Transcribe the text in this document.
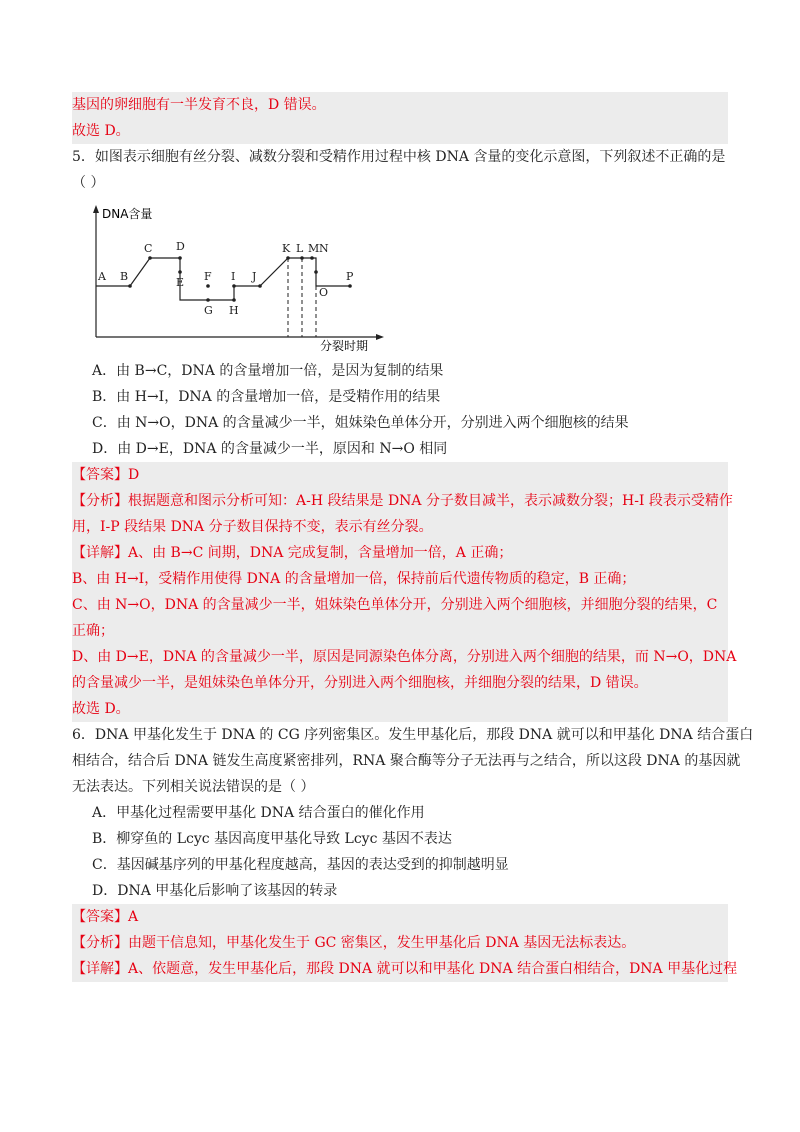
基因的卵细胞有一半发育不良，D 错误。
故选 D。
5．如图表示细胞有丝分裂、减数分裂和受精作用过程中核 DNA 含量的变化示意图，下列叙述不正确的是
（ ）
DNA含量
分裂时期
A B
C D
E F
G H
I J
K L M N
O
P
A．由 B→C，DNA 的含量增加一倍，是因为复制的结果
B．由 H→I，DNA 的含量增加一倍，是受精作用的结果
C．由 N→O，DNA 的含量减少一半，姐妹染色单体分开，分别进入两个细胞核的结果
D．由 D→E，DNA 的含量减少一半，原因和 N→O 相同
【答案】D
【分析】根据题意和图示分析可知：A-H 段结果是 DNA 分子数目减半，表示减数分裂；H-I 段表示受精作
用，I-P 段结果 DNA 分子数目保持不变，表示有丝分裂。
【详解】A、由 B→C 间期，DNA 完成复制，含量增加一倍，A 正确；
B、由 H→I，受精作用使得 DNA 的含量增加一倍，保持前后代遗传物质的稳定，B 正确；
C、由 N→O，DNA 的含量减少一半，姐妹染色单体分开，分别进入两个细胞核，并细胞分裂的结果，C
正确；
D、由 D→E，DNA 的含量减少一半，原因是同源染色体分离，分别进入两个细胞的结果，而 N→O，DNA
的含量减少一半，是姐妹染色单体分开，分别进入两个细胞核，并细胞分裂的结果，D 错误。
故选 D。
6．DNA 甲基化发生于 DNA 的 CG 序列密集区。发生甲基化后，那段 DNA 就可以和甲基化 DNA 结合蛋白
相结合，结合后 DNA 链发生高度紧密排列，RNA 聚合酶等分子无法再与之结合，所以这段 DNA 的基因就
无法表达。下列相关说法错误的是（ ）
A．甲基化过程需要甲基化 DNA 结合蛋白的催化作用
B．柳穿鱼的 Lcyc 基因高度甲基化导致 Lcyc 基因不表达
C．基因碱基序列的甲基化程度越高，基因的表达受到的抑制越明显
D．DNA 甲基化后影响了该基因的转录
【答案】A
【分析】由题干信息知，甲基化发生于 GC 密集区，发生甲基化后 DNA 基因无法标表达。
【详解】A、依题意，发生甲基化后，那段 DNA 就可以和甲基化 DNA 结合蛋白相结合，DNA 甲基化过程
